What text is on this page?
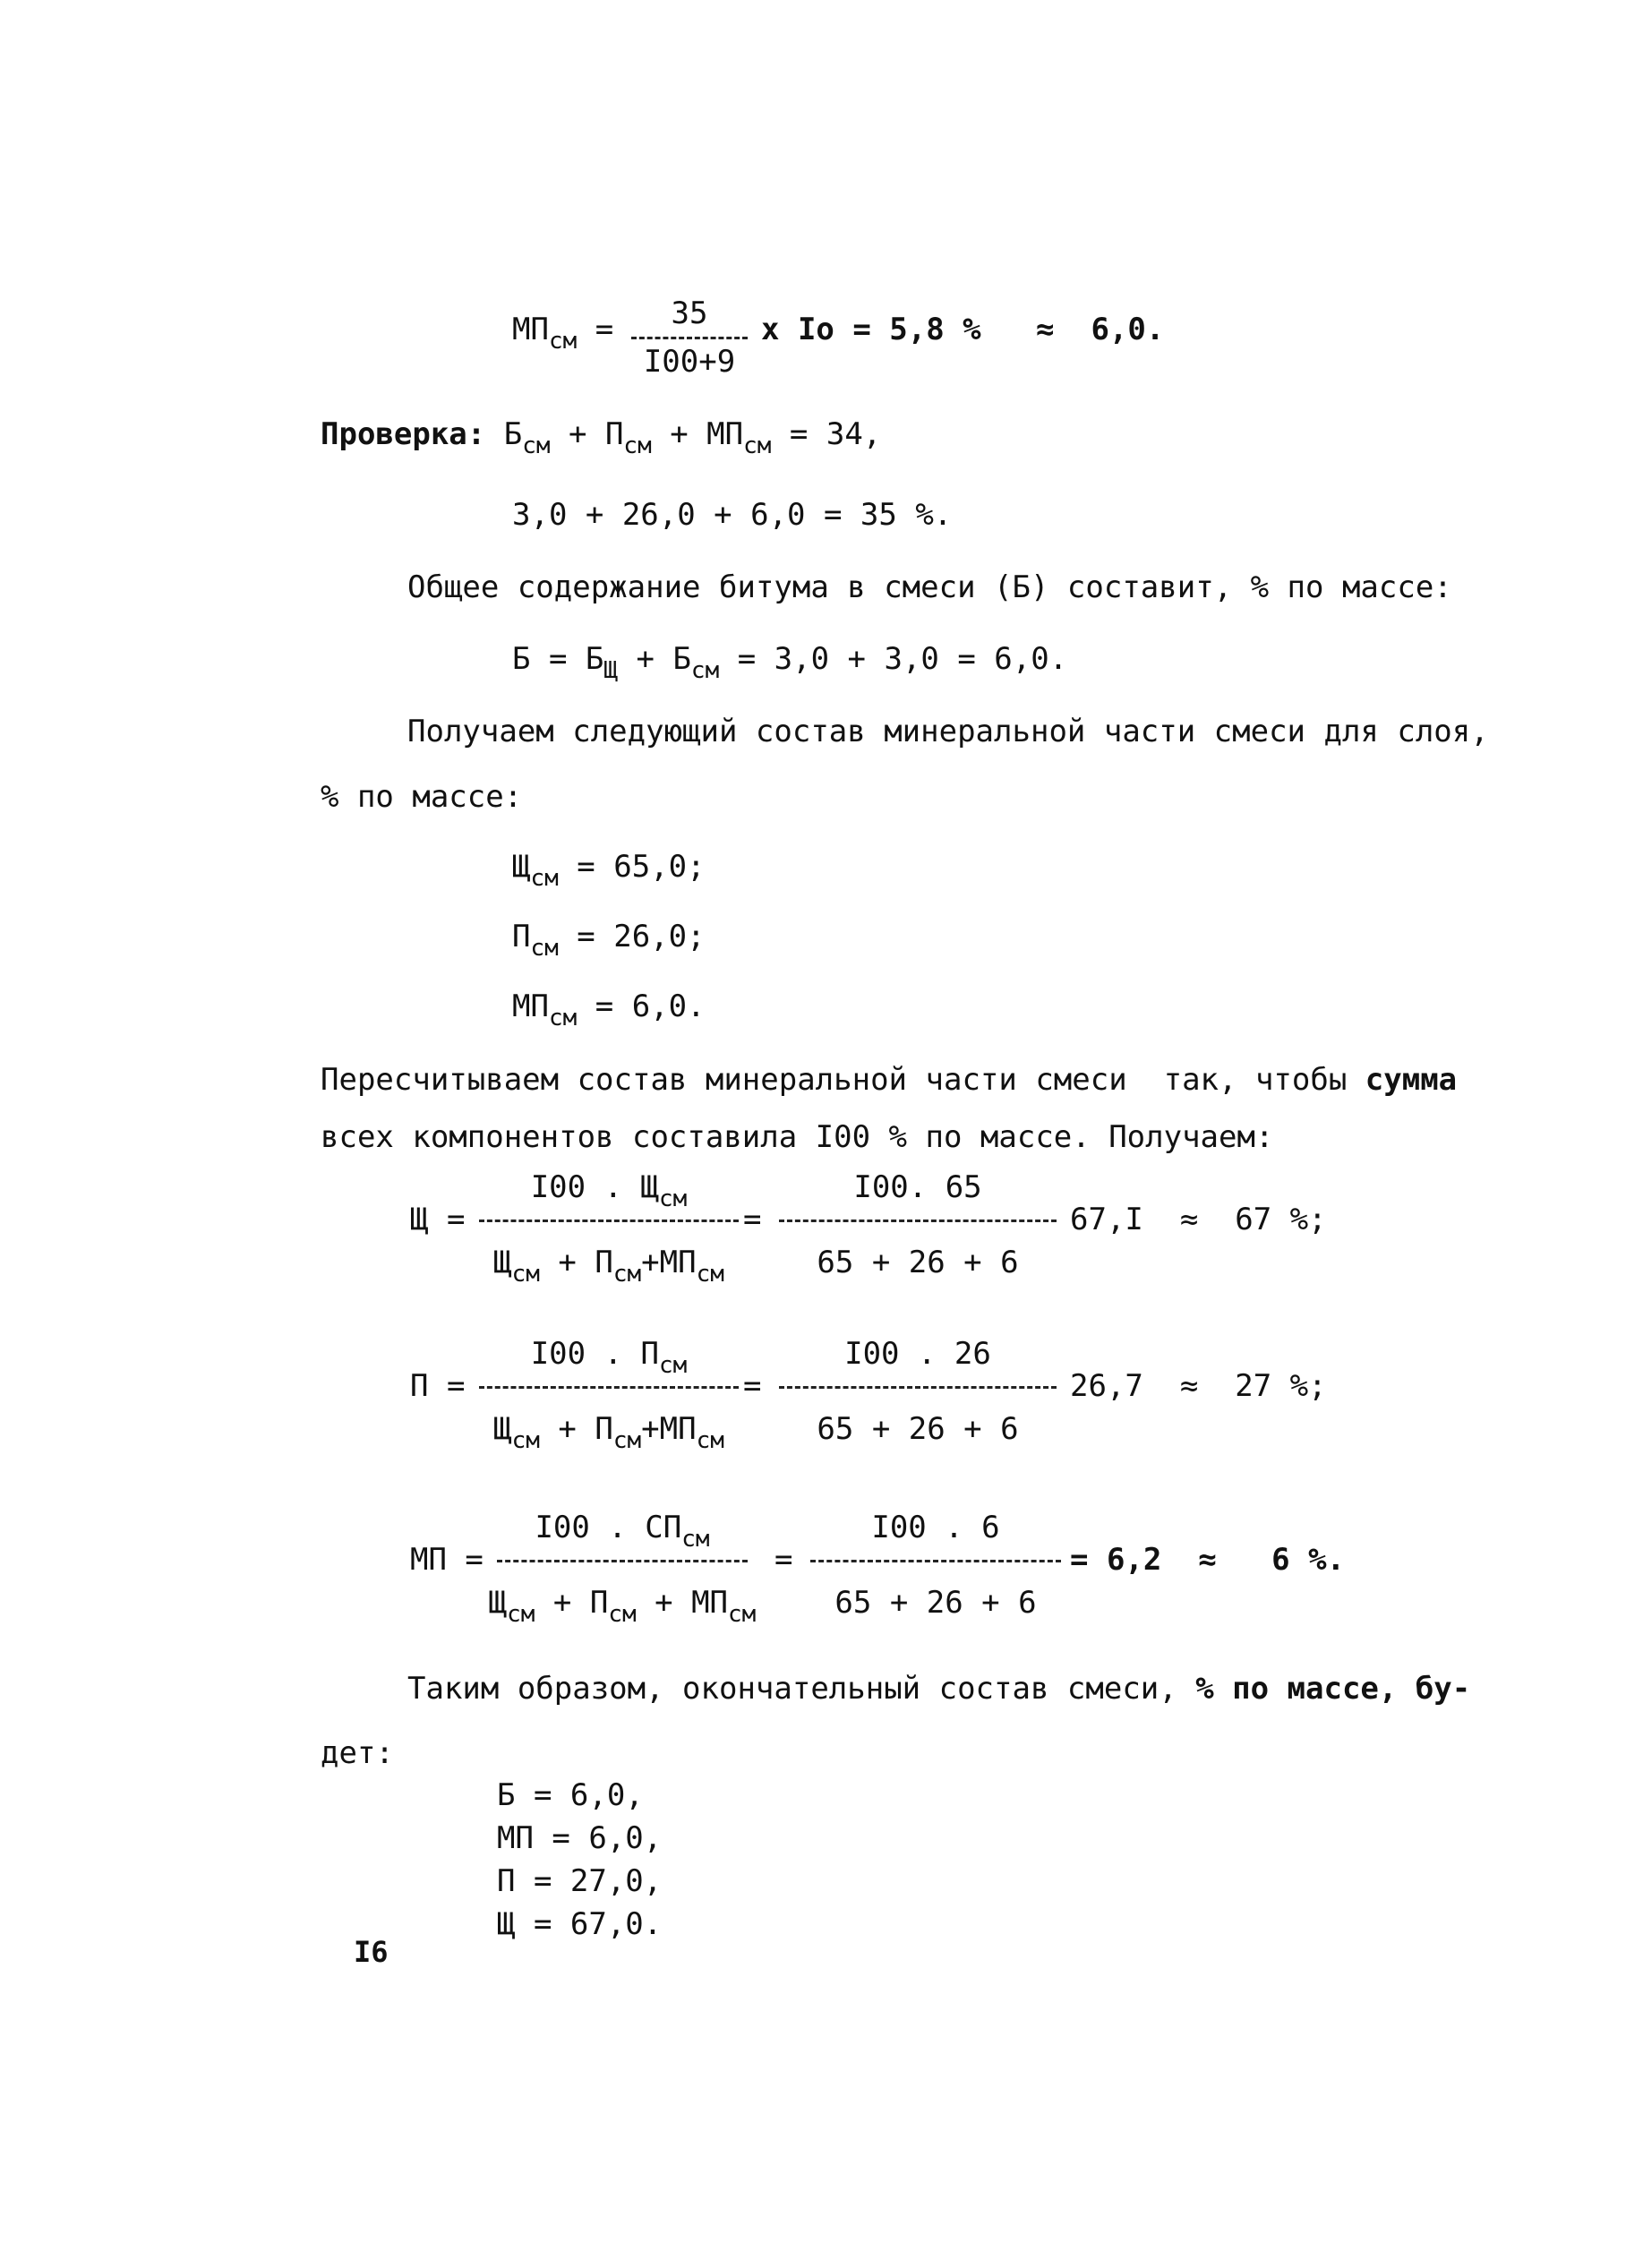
$МП_{см}$ =	35
I00+9
x Iо = 5,8 %   ≈  6,0.
Проверка: $Б_{см} + П_{см} + МП_{см} = 34$,
3,0 + 26,0 + 6,0 = 35 %.
Общее содержание битума в смеси (Б) составит, % по массе:
$Б = Б_Щ + Б_{см} = 3,0 + 3,0 = 6,0$.
Получаем следующий состав минеральной части смеси для слоя,
% по массе:
$Щ_{см} = 65,0$;
$П_{см} = 26,0$;
$МП_{см} = 6,0$.
Пересчитываем состав минеральной части смеси  так, чтобы сумма
всех компонентов составила I00 % по массе. Получаем:
Щ =
I00 . $Щ_{см}$
$Щ_{см} + П_{см}+МП_{см}$
=
I00. 65
65 + 26 + 6
67,I  ≈  67 %;
П =
I00 . $П_{см}$
$Щ_{см} + П_{см}+МП_{см}$
=
I00 . 26
65 + 26 + 6
26,7  ≈  27 %;
МП =
I00 . $СП_{см}$
$Щ_{см} + П_{см} + МП_{см}$
=
I00 . 6
65 + 26 + 6
= 6,2  ≈   6 %.
Таким образом, окончательный состав смеси, % по массе, бу-
дет:
Б = 6,0,
МП = 6,0,
П = 27,0,
Щ = 67,0.
I6
